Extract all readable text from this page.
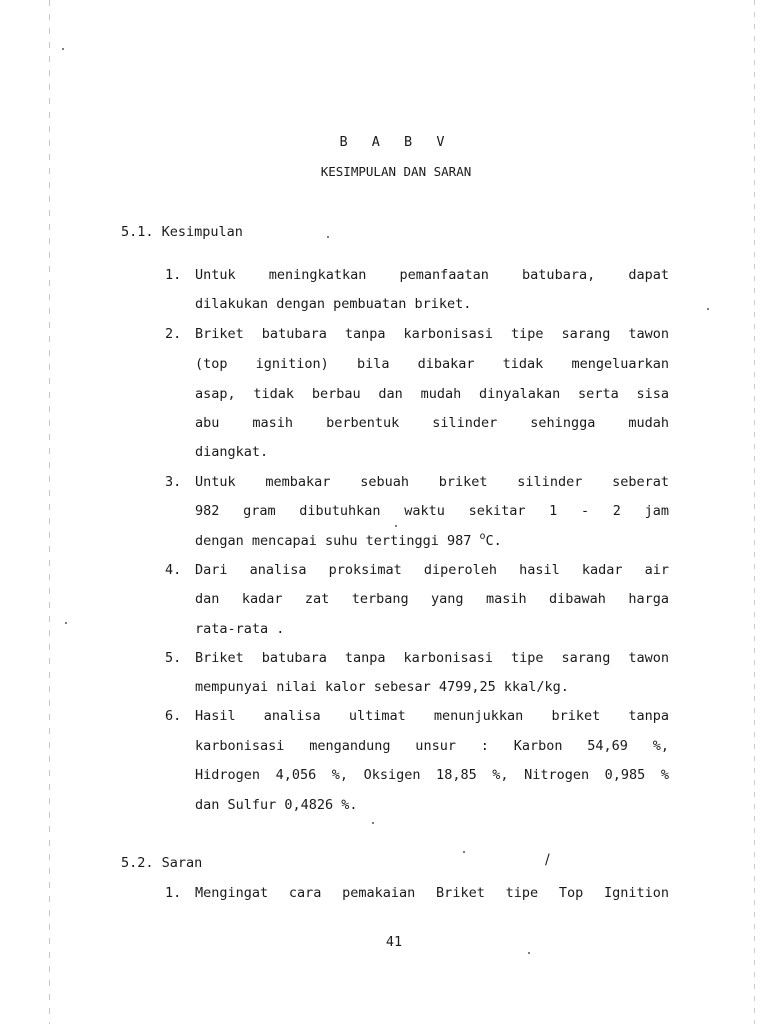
B A B V
KESIMPULAN DAN SARAN
5.1. Kesimpulan
1.	Untuk meningkatkan pemanfaatan batubara, dapat
dilakukan dengan pembuatan briket.
2.	Briket batubara tanpa karbonisasi tipe sarang tawon
(top ignition) bila dibakar tidak mengeluarkan
asap, tidak berbau dan mudah dinyalakan serta sisa
abu masih berbentuk silinder sehingga mudah
diangkat.
3.	Untuk membakar sebuah briket silinder seberat
982 gram dibutuhkan waktu sekitar 1 - 2 jam
dengan mencapai suhu tertinggi 987 $^o$C.
4.	Dari analisa proksimat diperoleh hasil kadar air
dan kadar zat terbang yang masih dibawah harga
rata-rata .
5.	Briket batubara tanpa karbonisasi tipe sarang tawon
mempunyai nilai kalor sebesar 4799,25 kkal/kg.
6.	Hasil analisa ultimat menunjukkan briket tanpa
karbonisasi mengandung unsur : Karbon 54,69 %,
Hidrogen 4,056 %, Oksigen 18,85 %, Nitrogen 0,985 %
dan Sulfur 0,4826 %.
5.2. Saran	/
1.	Mengingat cara pemakaian Briket tipe Top Ignition
41
